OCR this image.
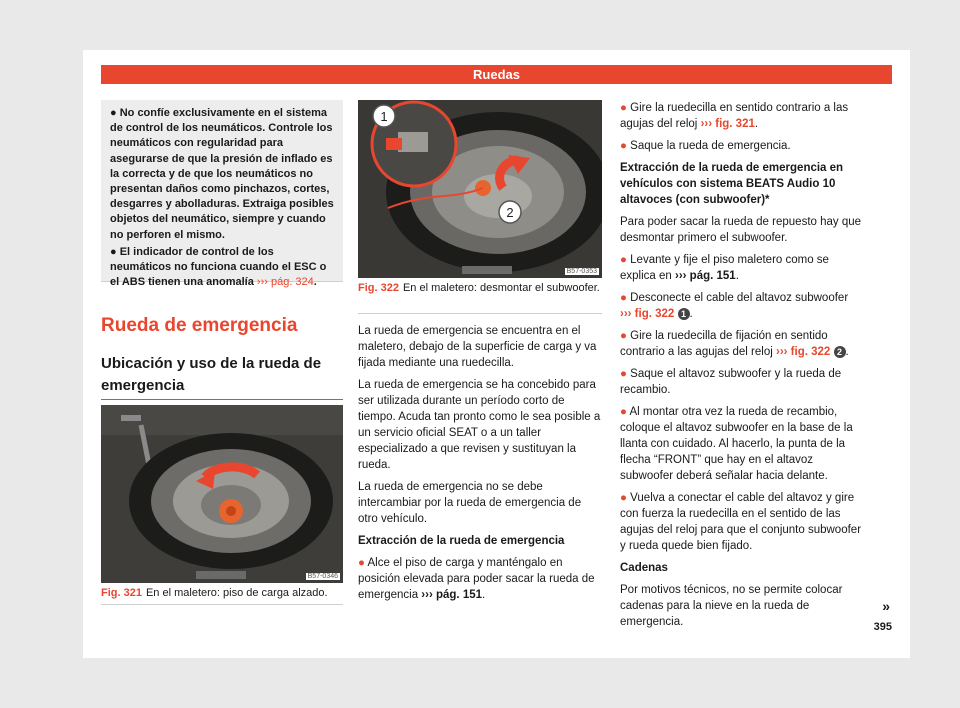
Ruedas

● No confíe exclusivamente en el sistema de control de los neumáticos. Controle los neumáticos con regularidad para asegurarse de que la presión de inflado es la correcta y de que los neumáticos no presentan daños como pinchazos, cortes, desgarres y abolladuras. Extraiga posibles objetos del neumático, siempre y cuando no perforen el mismo.

● El indicador de control de los neumáticos no funciona cuando el ESC o el ABS tienen una anomalía ››› pág. 324.

Rueda de emergencia
Ubicación y uso de la rueda de emergencia
B57-0346
Fig. 321 En el maletero: piso de carga alzado.
1
2
B57-0353
Fig. 322 En el maletero: desmontar el subwoofer.

La rueda de emergencia se encuentra en el maletero, debajo de la superficie de carga y va fijada mediante una ruedecilla.

La rueda de emergencia se ha concebido para ser utilizada durante un período corto de tiempo. Acuda tan pronto como le sea posible a un servicio oficial SEAT o a un taller especializado a que revisen y sustituyan la rueda.

La rueda de emergencia no se debe intercambiar por la rueda de emergencia de otro vehículo.

Extracción de la rueda de emergencia

● Alce el piso de carga y manténgalo en posición elevada para poder sacar la rueda de emergencia ››› pág. 151.

● Gire la ruedecilla en sentido contrario a las agujas del reloj ››› fig. 321.

● Saque la rueda de emergencia.

Extracción de la rueda de emergencia en vehículos con sistema BEATS Audio 10 altavoces (con subwoofer)*

Para poder sacar la rueda de repuesto hay que desmontar primero el subwoofer.

● Levante y fije el piso maletero como se explica en ››› pág. 151.

● Desconecte el cable del altavoz subwoofer ››› fig. 322 1 .

● Gire la ruedecilla de fijación en sentido contrario a las agujas del reloj ››› fig. 322 2 .

● Saque el altavoz subwoofer y la rueda de recambio.

● Al montar otra vez la rueda de recambio, coloque el altavoz subwoofer en la base de la llanta con cuidado. Al hacerlo, la punta de la flecha “FRONT” que hay en el altavoz subwoofer deberá señalar hacia delante.

● Vuelva a conectar el cable del altavoz y gire con fuerza la ruedecilla en el sentido de las agujas del reloj para que el conjunto subwoofer y rueda quede bien fijado.

Cadenas

Por motivos técnicos, no se permite colocar cadenas para la nieve en la rueda de emergencia.

»
395
